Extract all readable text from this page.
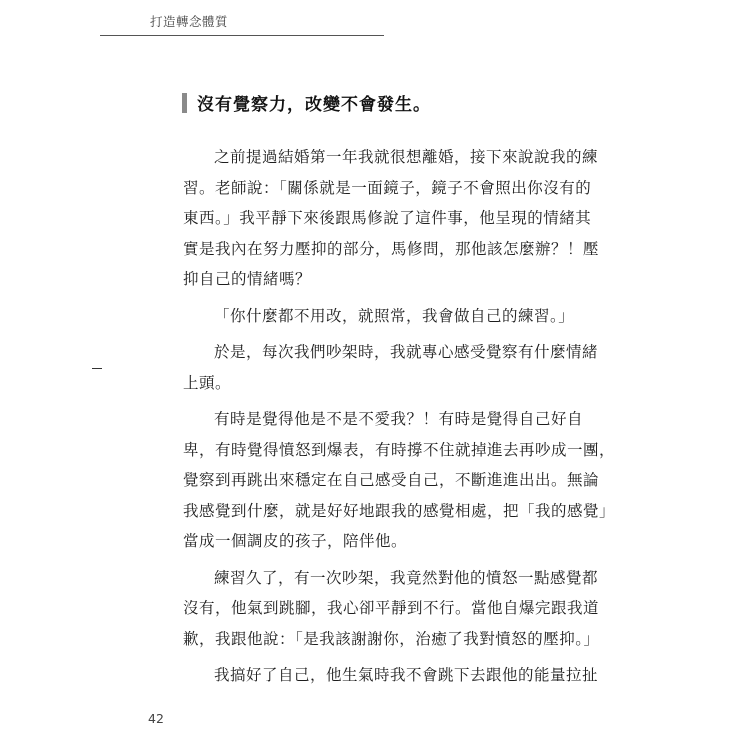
打造轉念體質
沒有覺察力，改變不會發生。
之前提過結婚第一年我就很想離婚，接下來說說我的練
習。老師說：「關係就是一面鏡子，鏡子不會照出你沒有的
東西。」我平靜下來後跟馬修說了這件事，他呈現的情緒其
實是我內在努力壓抑的部分，馬修問，那他該怎麼辦？！壓
抑自己的情緒嗎？
「你什麼都不用改，就照常，我會做自己的練習。」
於是，每次我們吵架時，我就專心感受覺察有什麼情緒
上頭。
有時是覺得他是不是不愛我？！有時是覺得自己好自
卑，有時覺得憤怒到爆表，有時撐不住就掉進去再吵成一團，
覺察到再跳出來穩定在自己感受自己，不斷進進出出。無論
我感覺到什麼，就是好好地跟我的感覺相處，把「我的感覺」
當成一個調皮的孩子，陪伴他。
練習久了，有一次吵架，我竟然對他的憤怒一點感覺都
沒有，他氣到跳腳，我心卻平靜到不行。當他自爆完跟我道
歉，我跟他說：「是我該謝謝你，治癒了我對憤怒的壓抑。」
我搞好了自己，他生氣時我不會跳下去跟他的能量拉扯
42
